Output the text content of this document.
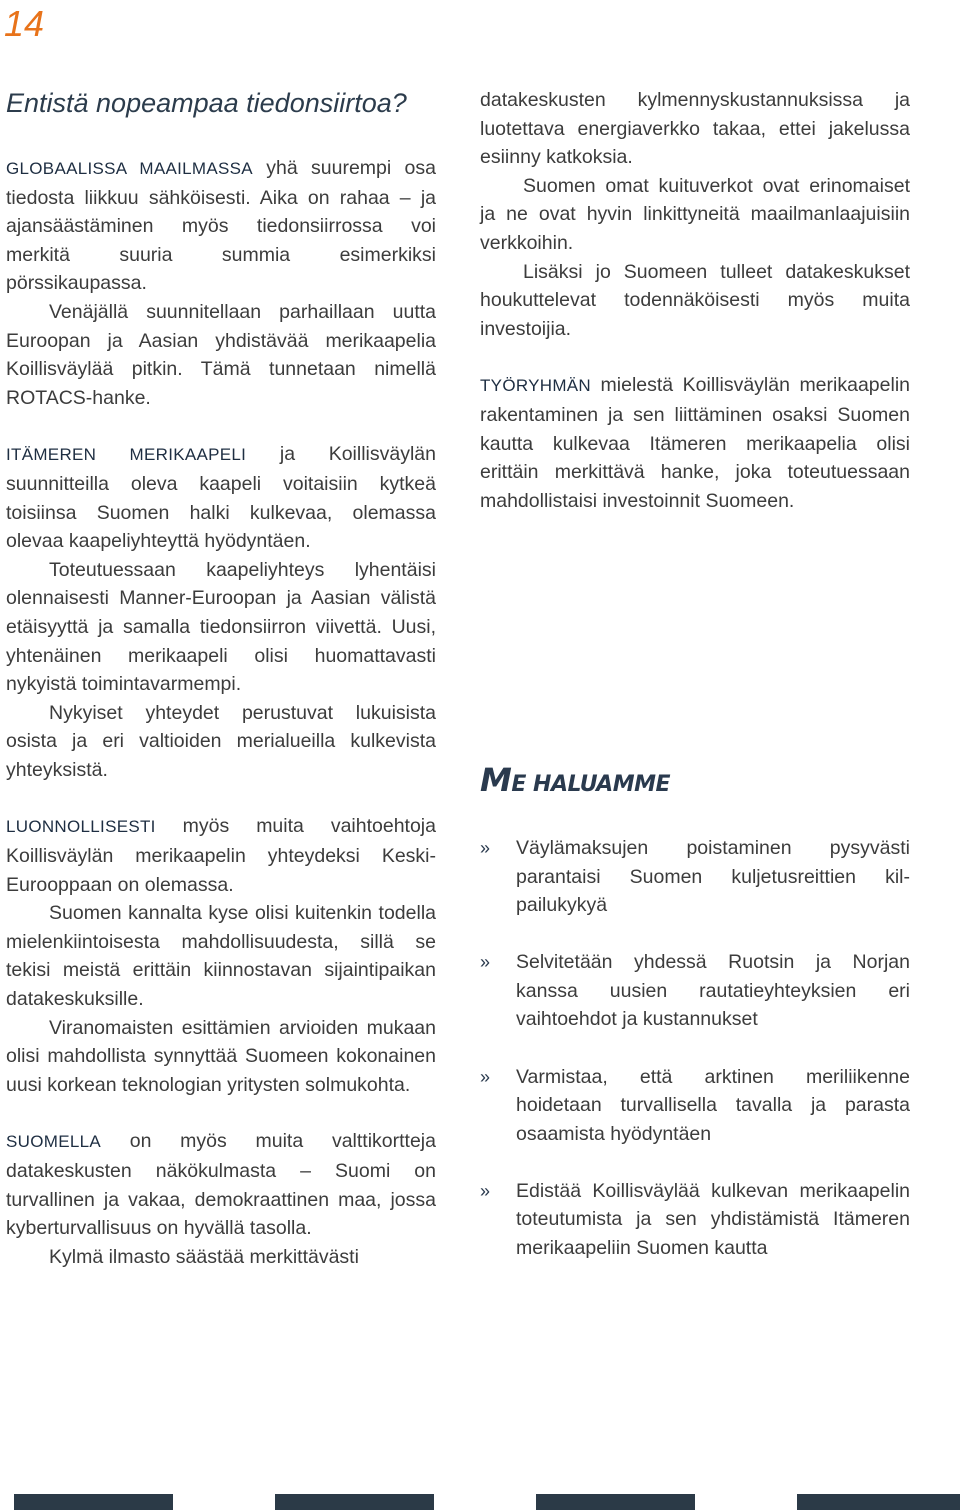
14
Entistä nopeampaa tiedonsiirtoa?

GLOBAALISSA MAAILMASSA yhä suurempi osa tiedosta liikkuu sähköisesti. Aika on rahaa – ja ajansäästäminen myös tiedonsiirrossa voi merkitä suuria summia esimerkiksi pörssikaupassa.

Venäjällä suunnitellaan parhaillaan uutta Euroopan ja Aasian yhdistävää merikaapelia Koillisväylää pitkin. Tämä tunnetaan nimellä ROTACS-hanke.

ITÄMEREN MERIKAAPELI ja Koillisväylän suunnitteilla oleva kaapeli voitaisiin kytkeä toisiinsa Suomen halki kulkevaa, olemassa olevaa kaapeliyhteyttä hyödyntäen.

Toteutuessaan kaapeliyhteys lyhentäisi olennaisesti Manner-Euroopan ja Aasian välistä etäisyyttä ja samalla tiedonsiirron viivettä. Uusi, yhtenäinen merikaapeli olisi huomattavasti nykyistä toimintavarmempi.

Nykyiset yhteydet perustuvat lukuisista osista ja eri valtioiden merialueilla kulkevista yhteyksistä.

LUONNOLLISESTI myös muita vaihtoehtoja Koillisväylän merikaapelin yhteydeksi Keski-Eurooppaan on olemassa.

Suomen kannalta kyse olisi kuitenkin todella mielenkiintoisesta mahdollisuudesta, sillä se tekisi meistä erittäin kiinnostavan sijaintipaikan datakeskuksille.

Viranomaisten esittämien arvioiden mukaan olisi mahdollista synnyttää Suomeen kokonainen uusi korkean teknologian yritysten solmukohta.

SUOMELLA on myös muita valttikortteja datakeskusten näkökulmasta – Suomi on turvallinen ja vakaa, demokraattinen maa, jossa kyberturvallisuus on hyvällä tasolla.

Kylmä ilmasto säästää merkittävästi

datakeskusten kylmennyskustannuksissa ja luotettava energiaverkko takaa, ettei jakelussa esiinny katkoksia.

Suomen omat kuituverkot ovat erinomaiset ja ne ovat hyvin linkittyneitä maailmanlaajuisiin verkkoihin.

Lisäksi jo Suomeen tulleet datakeskukset houkuttelevat todennäköisesti myös muita investoijia.

TYÖRYHMÄN mielestä Koillisväylän merikaapelin rakentaminen ja sen liittäminen osaksi Suomen kautta kulkevaa Itämeren merikaapelia olisi erittäin merkittävä hanke, joka toteutuessaan mahdollistaisi investoinnit Suomeen.

ME HALUAMME
» Väylämaksujen poistaminen pysyvästi parantaisi Suomen kuljetusreittien kilpailukykyä
» Selvitetään yhdessä Ruotsin ja Norjan kanssa uusien rautatieyhteyksien eri vaihtoehdot ja kustannukset
» Varmistaa, että arktinen meriliikenne hoidetaan turvallisella tavalla ja parasta osaamista hyödyntäen
» Edistää Koillisväylää kulkevan merikaapelin toteutumista ja sen yhdistämistä Itämeren merikaapeliin Suomen kautta
